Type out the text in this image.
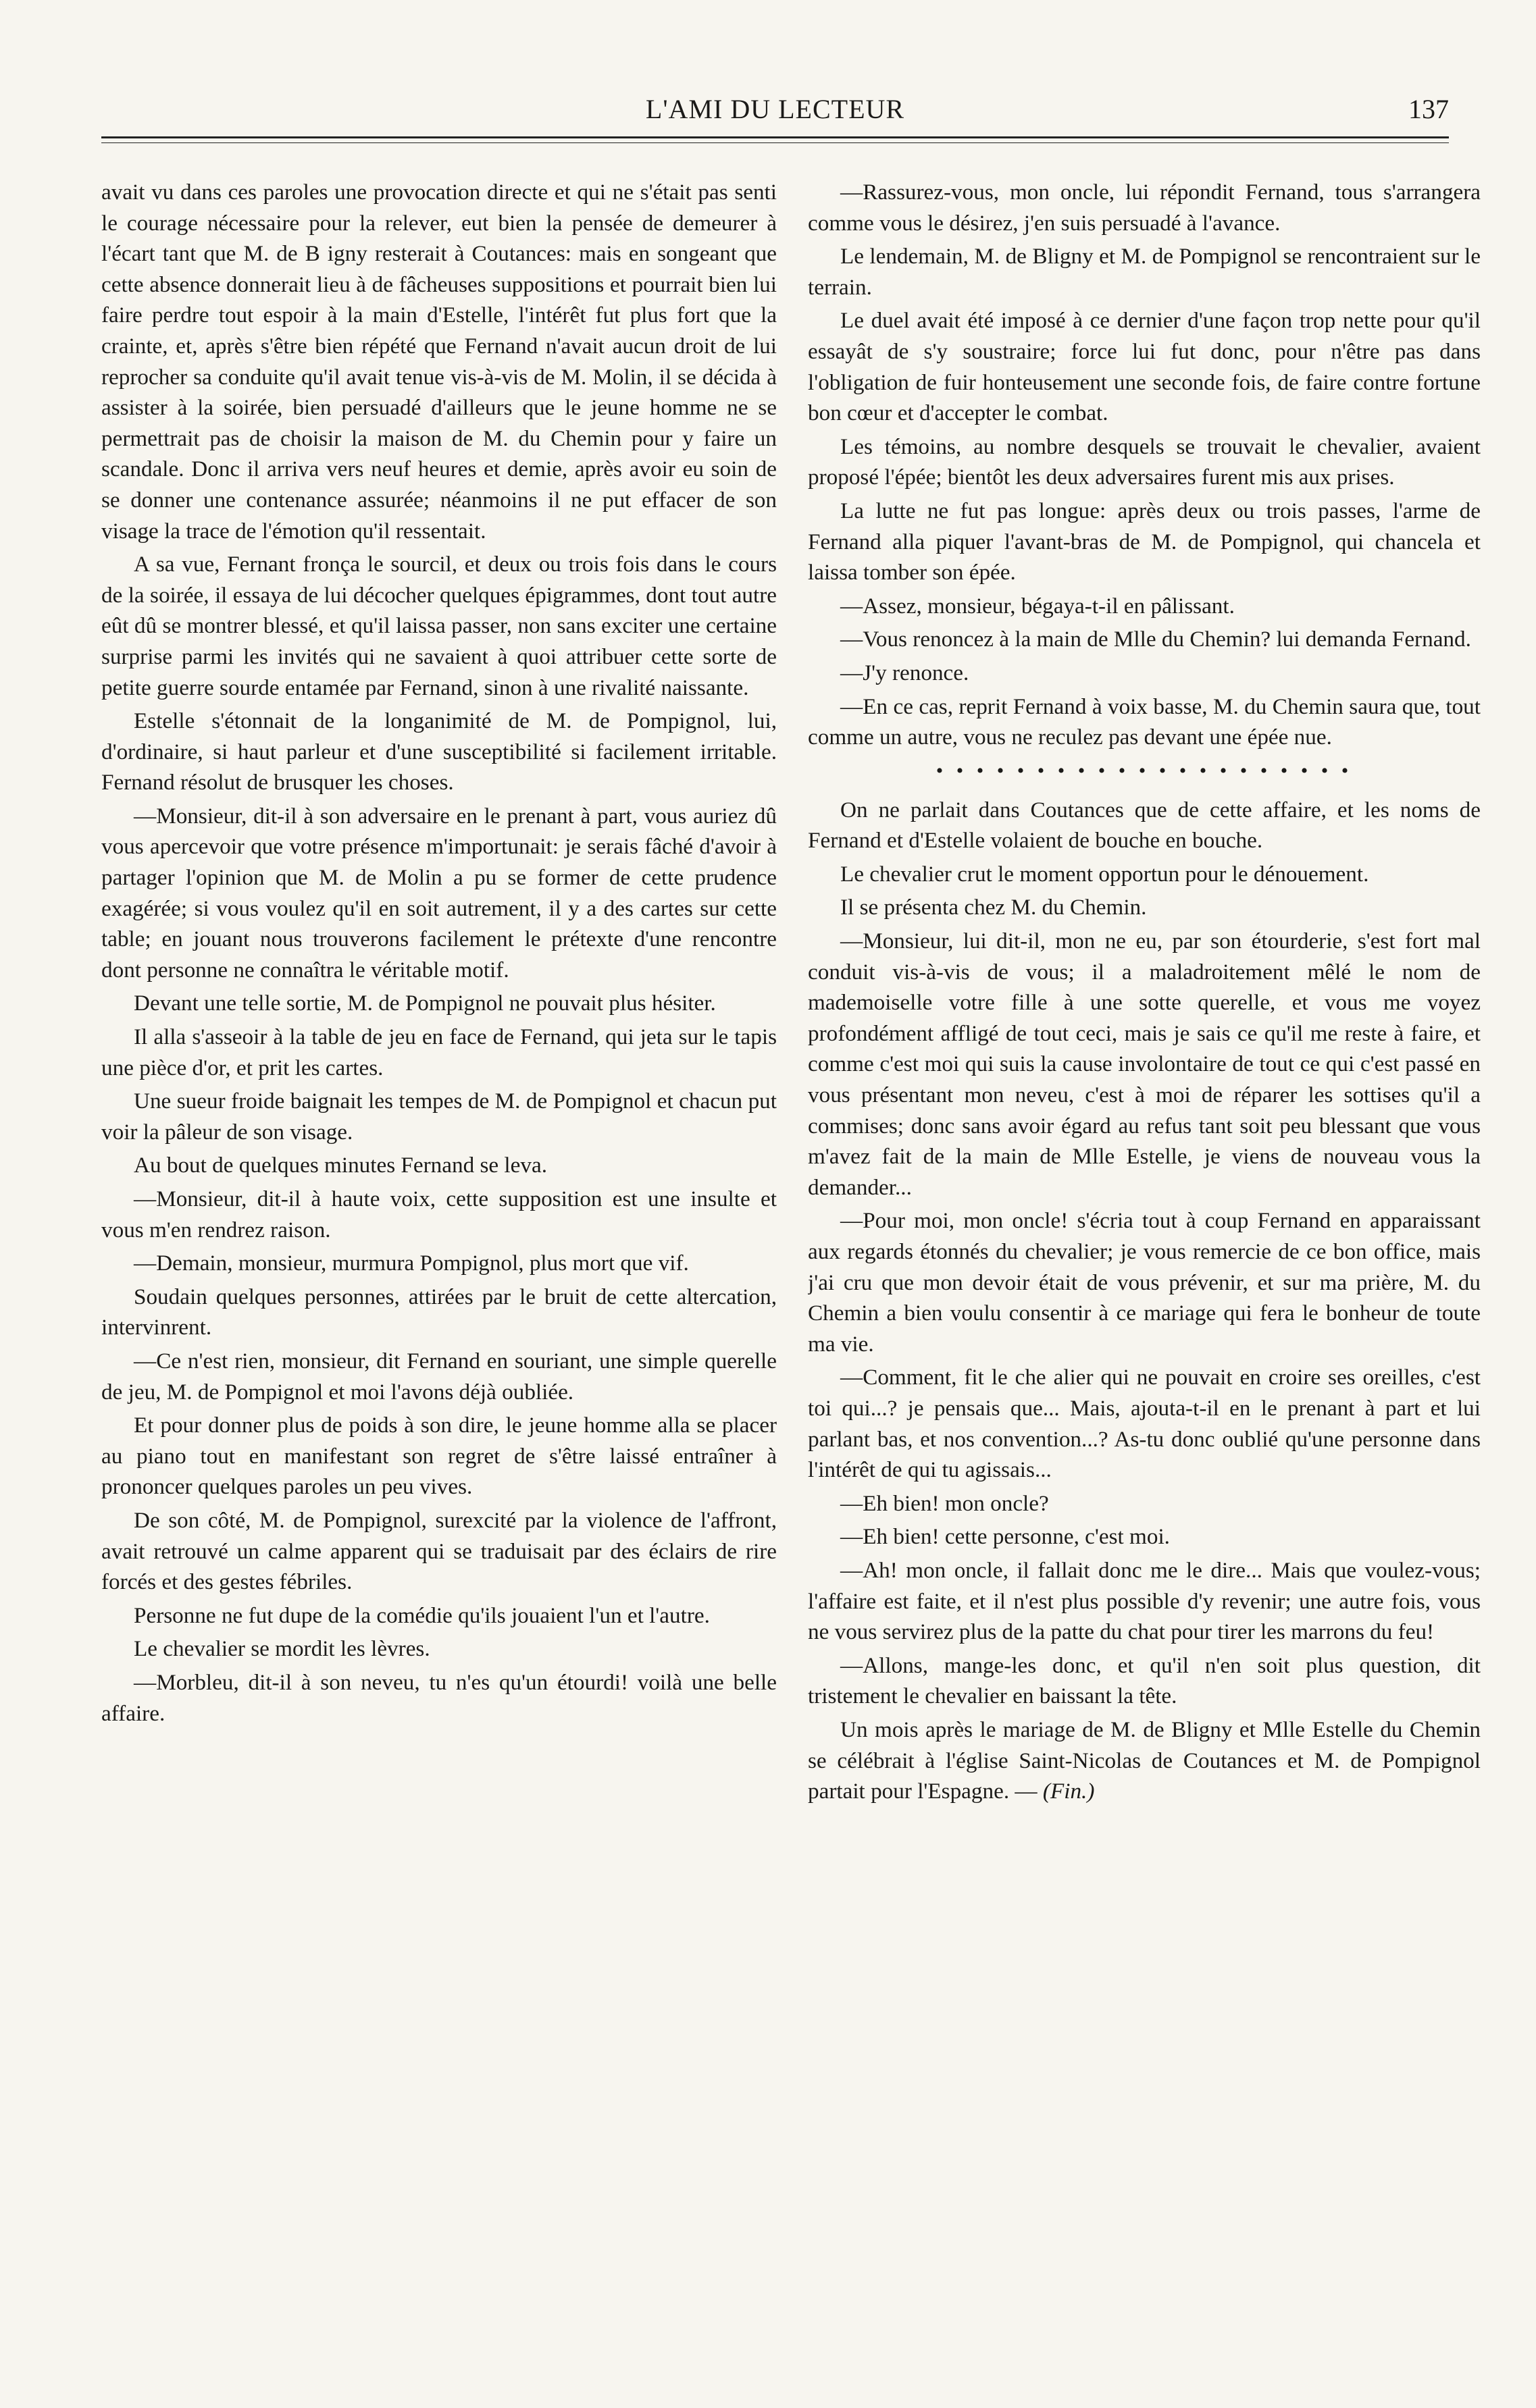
L'AMI DU LECTEUR	137

avait vu dans ces paroles une provocation directe et qui ne s'était pas senti le courage nécessaire pour la relever, eut bien la pensée de demeurer à l'écart tant que M. de B igny resterait à Coutances: mais en songeant que cette absence donnerait lieu à de fâcheuses suppositions et pourrait bien lui faire perdre tout espoir à la main d'Estelle, l'intérêt fut plus fort que la crainte, et, après s'être bien répété que Fernand n'avait aucun droit de lui reprocher sa conduite qu'il avait tenue vis-à-vis de M. Molin, il se décida à assister à la soirée, bien persuadé d'ailleurs que le jeune homme ne se permettrait pas de choisir la maison de M. du Chemin pour y faire un scandale. Donc il arriva vers neuf heures et demie, après avoir eu soin de se donner une contenance assurée; néanmoins il ne put effacer de son visage la trace de l'émotion qu'il ressentait.

A sa vue, Fernant fronça le sourcil, et deux ou trois fois dans le cours de la soirée, il essaya de lui décocher quelques épigrammes, dont tout autre eût dû se montrer blessé, et qu'il laissa passer, non sans exciter une certaine surprise parmi les invités qui ne savaient à quoi attribuer cette sorte de petite guerre sourde entamée par Fernand, sinon à une rivalité naissante.

Estelle s'étonnait de la longanimité de M. de Pompignol, lui, d'ordinaire, si haut parleur et d'une susceptibilité si facilement irritable. Fernand résolut de brusquer les choses.

—Monsieur, dit-il à son adversaire en le prenant à part, vous auriez dû vous apercevoir que votre présence m'importunait: je serais fâché d'avoir à partager l'opinion que M. de Molin a pu se former de cette prudence exagérée; si vous voulez qu'il en soit autrement, il y a des cartes sur cette table; en jouant nous trouverons facilement le prétexte d'une rencontre dont personne ne connaîtra le véritable motif.

Devant une telle sortie, M. de Pompignol ne pouvait plus hésiter.

Il alla s'asseoir à la table de jeu en face de Fernand, qui jeta sur le tapis une pièce d'or, et prit les cartes.

Une sueur froide baignait les tempes de M. de Pompignol et chacun put voir la pâleur de son visage.

Au bout de quelques minutes Fernand se leva.

—Monsieur, dit-il à haute voix, cette supposition est une insulte et vous m'en rendrez raison.

—Demain, monsieur, murmura Pompignol, plus mort que vif.

Soudain quelques personnes, attirées par le bruit de cette altercation, intervinrent.

—Ce n'est rien, monsieur, dit Fernand en souriant, une simple querelle de jeu, M. de Pompignol et moi l'avons déjà oubliée.

Et pour donner plus de poids à son dire, le jeune homme alla se placer au piano tout en manifestant son regret de s'être laissé entraîner à prononcer quelques paroles un peu vives.

De son côté, M. de Pompignol, surexcité par la violence de l'affront, avait retrouvé un calme apparent qui se traduisait par des éclairs de rire forcés et des gestes fébriles.

Personne ne fut dupe de la comédie qu'ils jouaient l'un et l'autre.

Le chevalier se mordit les lèvres.

—Morbleu, dit-il à son neveu, tu n'es qu'un étourdi! voilà une belle affaire.

—Rassurez-vous, mon oncle, lui répondit Fernand, tous s'arrangera comme vous le désirez, j'en suis persuadé à l'avance.

Le lendemain, M. de Bligny et M. de Pompignol se rencontraient sur le terrain.

Le duel avait été imposé à ce dernier d'une façon trop nette pour qu'il essayât de s'y soustraire; force lui fut donc, pour n'être pas dans l'obligation de fuir honteusement une seconde fois, de faire contre fortune bon cœur et d'accepter le combat.

Les témoins, au nombre desquels se trouvait le chevalier, avaient proposé l'épée; bientôt les deux adversaires furent mis aux prises.

La lutte ne fut pas longue: après deux ou trois passes, l'arme de Fernand alla piquer l'avant-bras de M. de Pompignol, qui chancela et laissa tomber son épée.

—Assez, monsieur, bégaya-t-il en pâlissant.

—Vous renoncez à la main de Mlle du Chemin? lui demanda Fernand.

—J'y renonce.

—En ce cas, reprit Fernand à voix basse, M. du Chemin saura que, tout comme un autre, vous ne reculez pas devant une épée nue.

• • • • • • • • • • • • • • • • • • • • •

On ne parlait dans Coutances que de cette affaire, et les noms de Fernand et d'Estelle volaient de bouche en bouche.

Le chevalier crut le moment opportun pour le dénouement.

Il se présenta chez M. du Chemin.

—Monsieur, lui dit-il, mon ne eu, par son étourderie, s'est fort mal conduit vis-à-vis de vous; il a maladroitement mêlé le nom de mademoiselle votre fille à une sotte querelle, et vous me voyez profondément affligé de tout ceci, mais je sais ce qu'il me reste à faire, et comme c'est moi qui suis la cause involontaire de tout ce qui c'est passé en vous présentant mon neveu, c'est à moi de réparer les sottises qu'il a commises; donc sans avoir égard au refus tant soit peu blessant que vous m'avez fait de la main de Mlle Estelle, je viens de nouveau vous la demander...

—Pour moi, mon oncle! s'écria tout à coup Fernand en apparaissant aux regards étonnés du chevalier; je vous remercie de ce bon office, mais j'ai cru que mon devoir était de vous prévenir, et sur ma prière, M. du Chemin a bien voulu consentir à ce mariage qui fera le bonheur de toute ma vie.

—Comment, fit le che alier qui ne pouvait en croire ses oreilles, c'est toi qui...? je pensais que... Mais, ajouta-t-il en le prenant à part et lui parlant bas, et nos convention...? As-tu donc oublié qu'une personne dans l'intérêt de qui tu agissais...

—Eh bien! mon oncle?

—Eh bien! cette personne, c'est moi.

—Ah! mon oncle, il fallait donc me le dire... Mais que voulez-vous; l'affaire est faite, et il n'est plus possible d'y revenir; une autre fois, vous ne vous servirez plus de la patte du chat pour tirer les marrons du feu!

—Allons, mange-les donc, et qu'il n'en soit plus question, dit tristement le chevalier en baissant la tête.

Un mois après le mariage de M. de Bligny et Mlle Estelle du Chemin se célébrait à l'église Saint-Nicolas de Coutances et M. de Pompignol partait pour l'Espagne. — (Fin.)
